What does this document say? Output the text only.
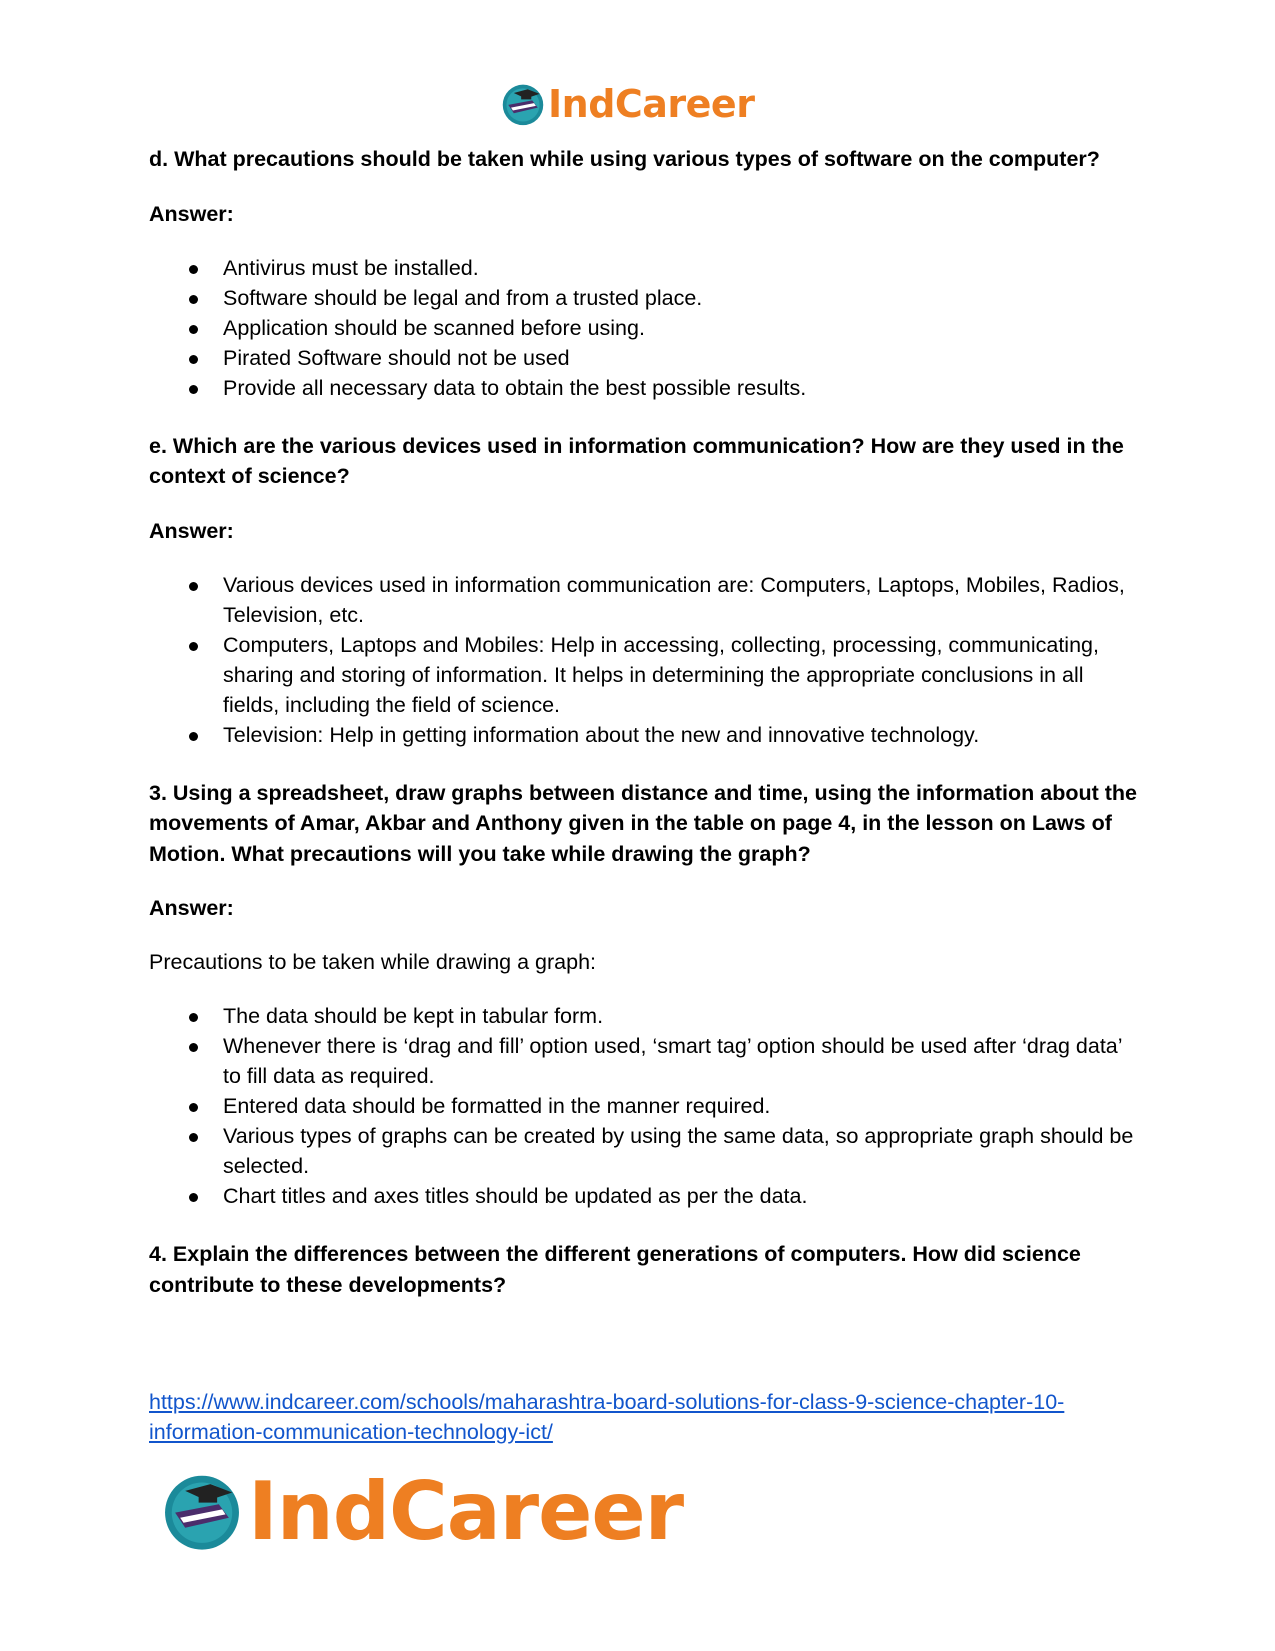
IndCareer

d. What precautions should be taken while using various types of software on the computer?

Answer:

Antivirus must be installed.
Software should be legal and from a trusted place.
Application should be scanned before using.
Pirated Software should not be used
Provide all necessary data to obtain the best possible results.

e. Which are the various devices used in information communication? How are they used in the context of science?

Answer:

Various devices used in information communication are: Computers, Laptops, Mobiles, Radios, Television, etc.
Computers, Laptops and Mobiles: Help in accessing, collecting, processing, communicating, sharing and storing of information. It helps in determining the appropriate conclusions in all fields, including the field of science.
Television: Help in getting information about the new and innovative technology.

3. Using a spreadsheet, draw graphs between distance and time, using the information about the movements of Amar, Akbar and Anthony given in the table on page 4, in the lesson on Laws of Motion. What precautions will you take while drawing the graph?

Answer:

Precautions to be taken while drawing a graph:

The data should be kept in tabular form.
Whenever there is ‘drag and fill’ option used, ‘smart tag’ option should be used after ‘drag data’ to fill data as required.
Entered data should be formatted in the manner required.
Various types of graphs can be created by using the same data, so appropriate graph should be selected.
Chart titles and axes titles should be updated as per the data.

4. Explain the differences between the different generations of computers. How did science contribute to these developments?

https://www.indcareer.com/schools/maharashtra-board-solutions-for-class-9-science-chapter-10-information-communication-technology-ict/
IndCareer
